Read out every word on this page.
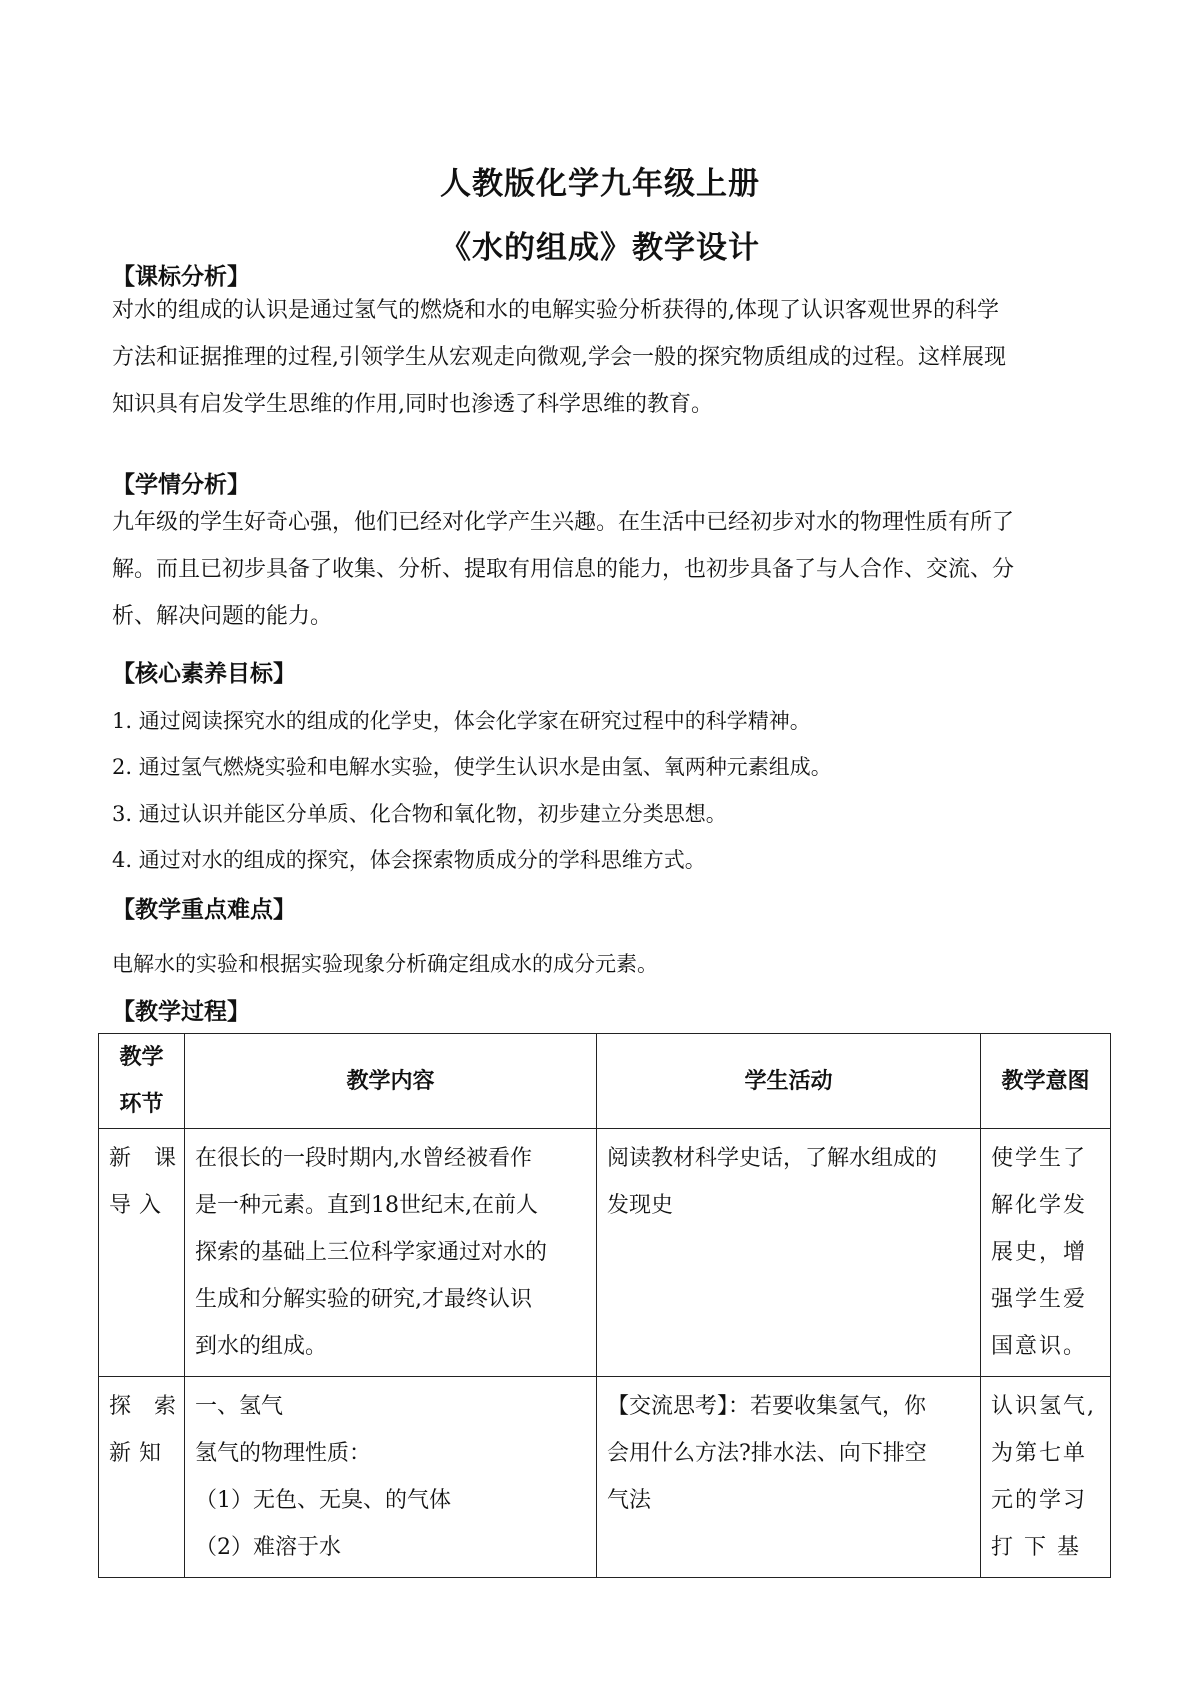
人教版化学九年级上册
《水的组成》教学设计
【课标分析】
对水的组成的认识是通过氢气的燃烧和水的电解实验分析获得的,体现了认识客观世界的科学
方法和证据推理的过程,引领学生从宏观走向微观,学会一般的探究物质组成的过程。这样展现
知识具有启发学生思维的作用,同时也渗透了科学思维的教育。
【学情分析】
九年级的学生好奇心强，他们已经对化学产生兴趣。在生活中已经初步对水的物理性质有所了
解。而且已初步具备了收集、分析、提取有用信息的能力，也初步具备了与人合作、交流、分
析、解决问题的能力。
【核心素养目标】
1. 通过阅读探究水的组成的化学史，体会化学家在研究过程中的科学精神。
2. 通过氢气燃烧实验和电解水实验，使学生认识水是由氢、氧两种元素组成。
3. 通过认识并能区分单质、化合物和氧化物，初步建立分类思想。
4. 通过对水的组成的探究，体会探索物质成分的学科思维方式。
【教学重点难点】
电解水的实验和根据实验现象分析确定组成水的成分元素。
【教学过程】
教学
环节	教学内容	学生活动	教学意图

新 课
导入	在很长的一段时期内,水曾经被看作
是一种元素。直到18世纪末,在前人
探索的基础上三位科学家通过对水的
生成和分解实验的研究,才最终认识
到水的组成。	阅读教材科学史话，了解水组成的
发现史	使学生了
解化学发
展史，增
强学生爱
国意识。

探 索
新知	一、氢气
氢气的物理性质：
（1）无色、无臭、的气体
（2）难溶于水	【交流思考】：若要收集氢气，你
会用什么方法?排水法、向下排空
气法	认识氢气,
为第七单
元的学习
打 下 基
